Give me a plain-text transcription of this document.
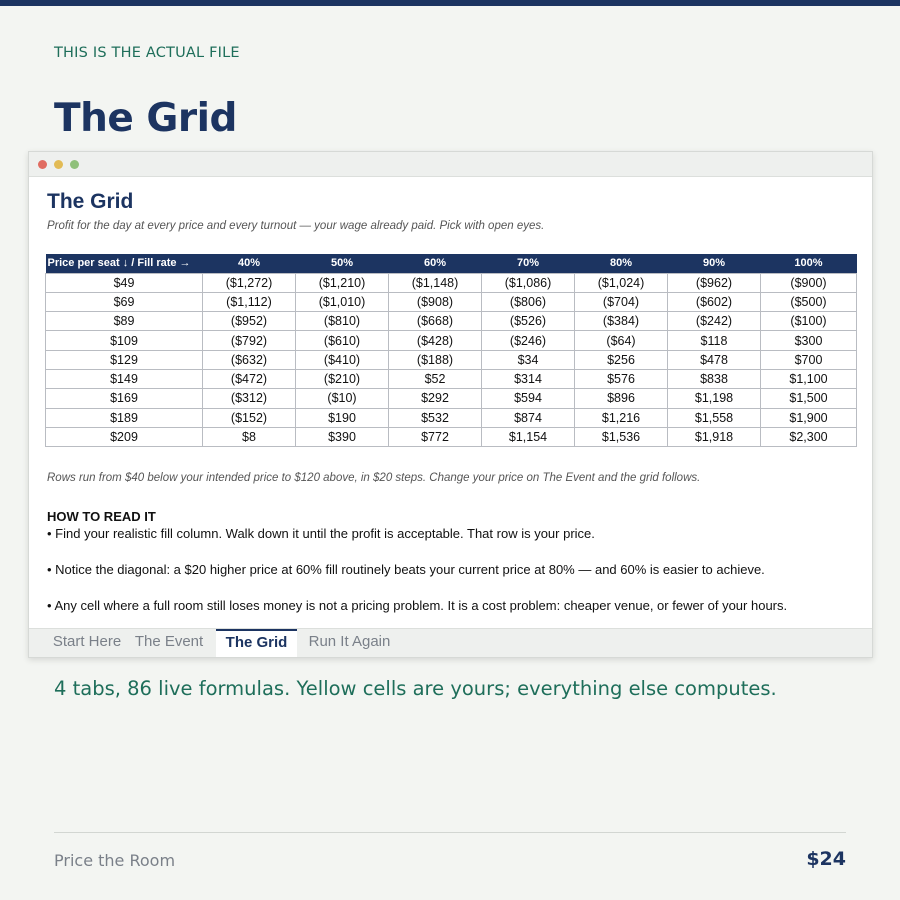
THIS IS THE ACTUAL FILE
The Grid
The Grid
Profit for the day at every price and every turnout — your wage already paid. Pick with open eyes.
Price per seat ↓ / Fill rate →	40%	50%	60%	70%	80%	90%	100%
$49	($1,272)	($1,210)	($1,148)	($1,086)	($1,024)	($962)	($900)
$69	($1,112)	($1,010)	($908)	($806)	($704)	($602)	($500)
$89	($952)	($810)	($668)	($526)	($384)	($242)	($100)
$109	($792)	($610)	($428)	($246)	($64)	$118	$300
$129	($632)	($410)	($188)	$34	$256	$478	$700
$149	($472)	($210)	$52	$314	$576	$838	$1,100
$169	($312)	($10)	$292	$594	$896	$1,198	$1,500
$189	($152)	$190	$532	$874	$1,216	$1,558	$1,900
$209	$8	$390	$772	$1,154	$1,536	$1,918	$2,300
Rows run from $40 below your intended price to $120 above, in $20 steps. Change your price on The Event and the grid follows.
HOW TO READ IT
• Find your realistic fill column. Walk down it until the profit is acceptable. That row is your price.
• Notice the diagonal: a $20 higher price at 60% fill routinely beats your current price at 80% — and 60% is easier to achieve.
• Any cell where a full room still loses money is not a pricing problem. It is a cost problem: cheaper venue, or fewer of your hours.
Start Here The Event	The Grid	Run It Again
4 tabs, 86 live formulas. Yellow cells are yours; everything else computes.
Price the Room	$24
